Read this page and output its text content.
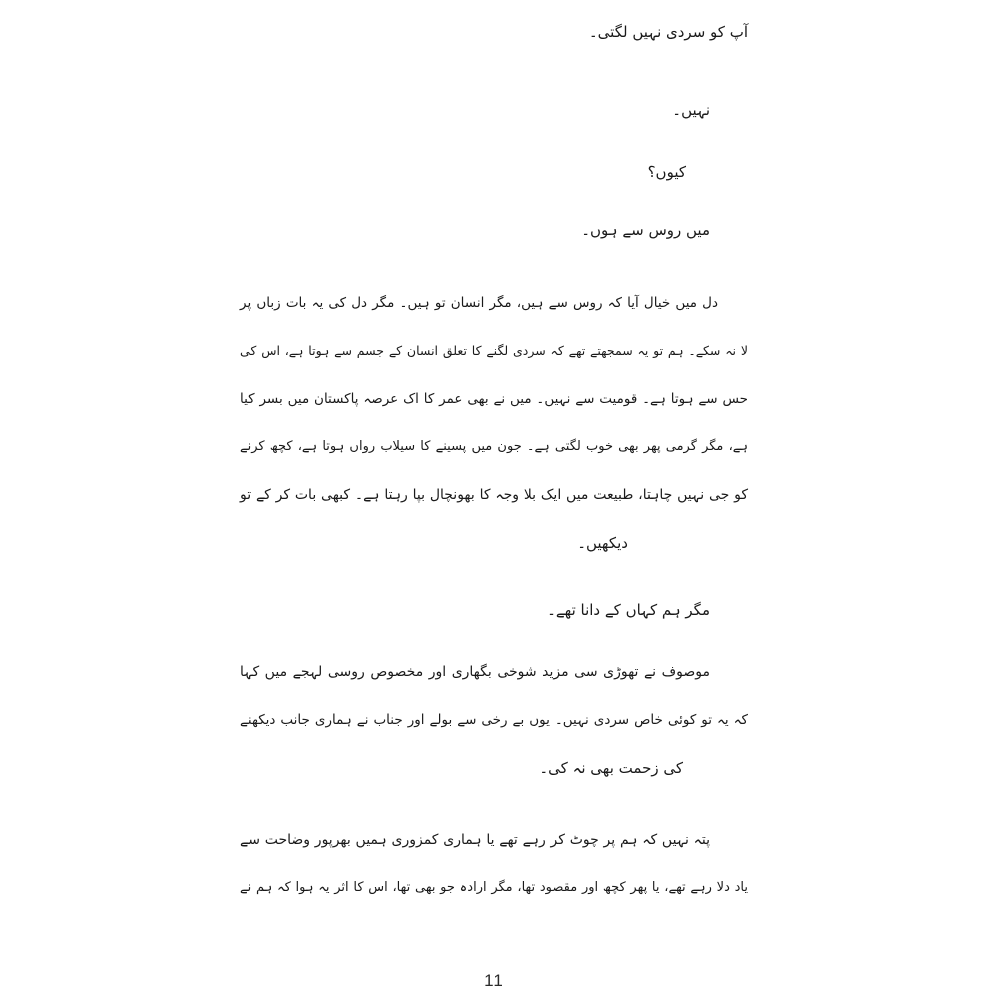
آپ کو سردی نہیں لگتی۔
نہیں۔
کیوں؟
میں روس سے ہوں۔
دل میں خیال آیا کہ روس سے ہیں، مگر انسان تو ہیں۔ مگر دل کی یہ بات زباں پر
لا نہ سکے۔ ہم تو یہ سمجھتے تھے کہ سردی لگنے کا تعلق انسان کے جسم سے ہوتا ہے، اس کی
حس سے ہوتا ہے۔ قومیت سے نہیں۔ میں نے بھی عمر کا اک عرصہ پاکستان میں بسر کیا
ہے، مگر گرمی پھر بھی خوب لگتی ہے۔ جون میں پسینے کا سیلاب رواں ہوتا ہے، کچھ کرنے
کو جی نہیں چاہتا، طبیعت میں ایک بلا وجہ کا بھونچال بپا رہتا ہے۔ کبھی بات کر کے تو
دیکھیں۔
مگر ہم کہاں کے دانا تھے۔
موصوف نے تھوڑی سی مزید شوخی بگھاری اور مخصوص روسی لہجے میں کہا
کہ یہ تو کوئی خاص سردی نہیں۔ یوں بے رخی سے بولے اور جناب نے ہماری جانب دیکھنے
کی زحمت بھی نہ کی۔
پتہ نہیں کہ ہم پر چوٹ کر رہے تھے یا ہماری کمزوری ہمیں بھرپور وضاحت سے
یاد دلا رہے تھے، یا پھر کچھ اور مقصود تھا، مگر ارادہ جو بھی تھا، اس کا اثر یہ ہوا کہ ہم نے
11
